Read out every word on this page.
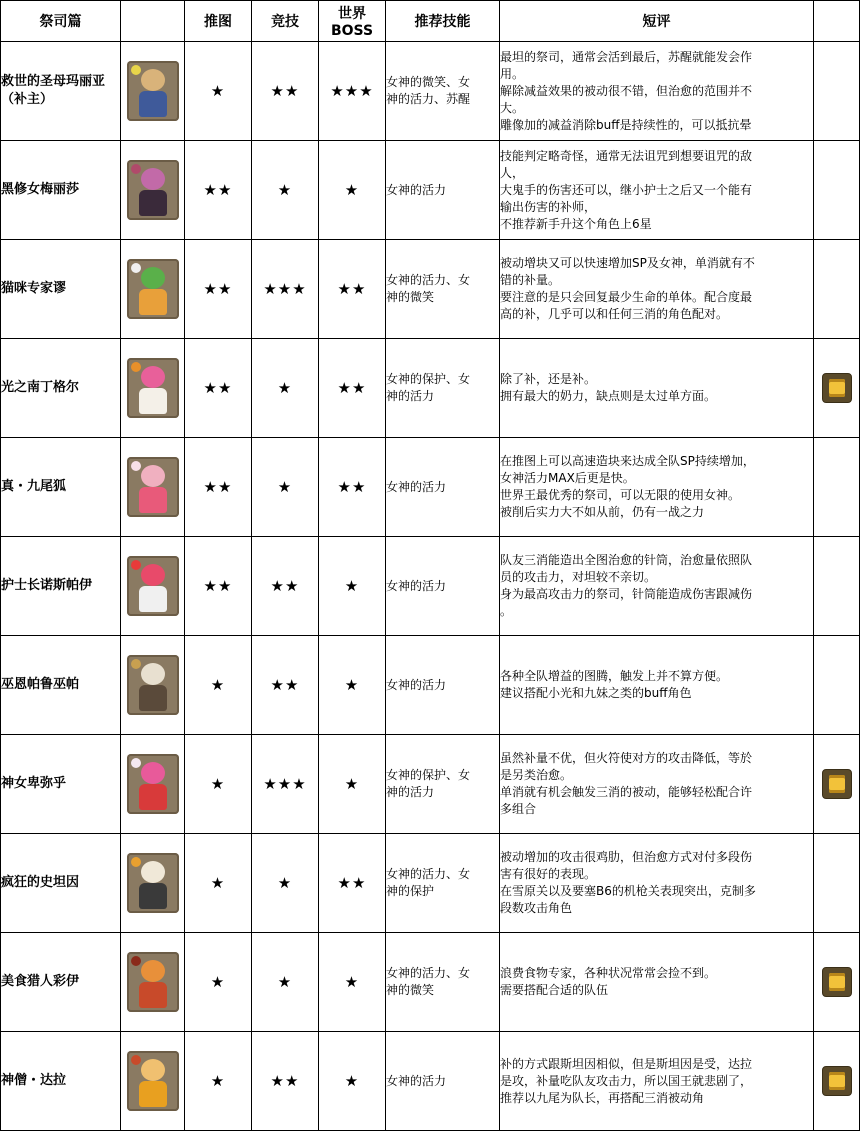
祭司篇		推图	竞技	世界BOSS	推荐技能	短评	

救世的圣母玛丽亚
（补主）		★	★★	★★★	女神的微笑、女
神的活力、苏醒	最坦的祭司，通常会活到最后，苏醒就能发会作
用。
解除减益效果的被动很不错，但治愈的范围并不
大。
雕像加的减益消除buff是持续性的，可以抵抗晕	

黑修女梅丽莎		★★	★	★	女神的活力	技能判定略奇怪，通常无法诅咒到想要诅咒的敌
人，
大鬼手的伤害还可以，继小护士之后又一个能有
输出伤害的补师，
不推荐新手升这个角色上6星	

猫咪专家谬		★★	★★★	★★	女神的活力、女
神的微笑	被动增块又可以快速增加SP及女神，单消就有不
错的补量。
要注意的是只会回复最少生命的单体。配合度最
高的补，几乎可以和任何三消的角色配对。	

光之南丁格尔		★★	★	★★	女神的保护、女
神的活力	除了补，还是补。
拥有最大的奶力，缺点则是太过单方面。	

真・九尾狐		★★	★	★★	女神的活力	在推图上可以高速造块来达成全队SP持续增加，
女神活力MAX后更是快。
世界王最优秀的祭司，可以无限的使用女神。
被削后实力大不如从前，仍有一战之力	

护士长诺斯帕伊		★★	★★	★	女神的活力	队友三消能造出全图治愈的针筒，治愈量依照队
员的攻击力，对坦较不亲切。
身为最高攻击力的祭司，针筒能造成伤害跟减伤
。	

巫恩帕鲁巫帕		★	★★	★	女神的活力	各种全队增益的图腾，触发上并不算方便。
建议搭配小光和九妹之类的buff角色	

神女卑弥乎		★	★★★	★	女神的保护、女
神的活力	虽然补量不优，但火符使对方的攻击降低，等於
是另类治愈。
单消就有机会触发三消的被动，能够轻松配合许
多组合	

疯狂的史坦因		★	★	★★	女神的活力、女
神的保护	被动增加的攻击很鸡肋，但治愈方式对付多段伤
害有很好的表现。
在雪原关以及要塞B6的机枪关表现突出，克制多
段数攻击角色	

美食猎人彩伊		★	★	★	女神的活力、女
神的微笑	浪费食物专家，各种状况常常会捡不到。
需要搭配合适的队伍	

神僧・达拉		★	★★	★	女神的活力	补的方式跟斯坦因相似，但是斯坦因是受，达拉
是攻，补量吃队友攻击力，所以国王就悲剧了，
推荐以九尾为队长，再搭配三消被动角	
